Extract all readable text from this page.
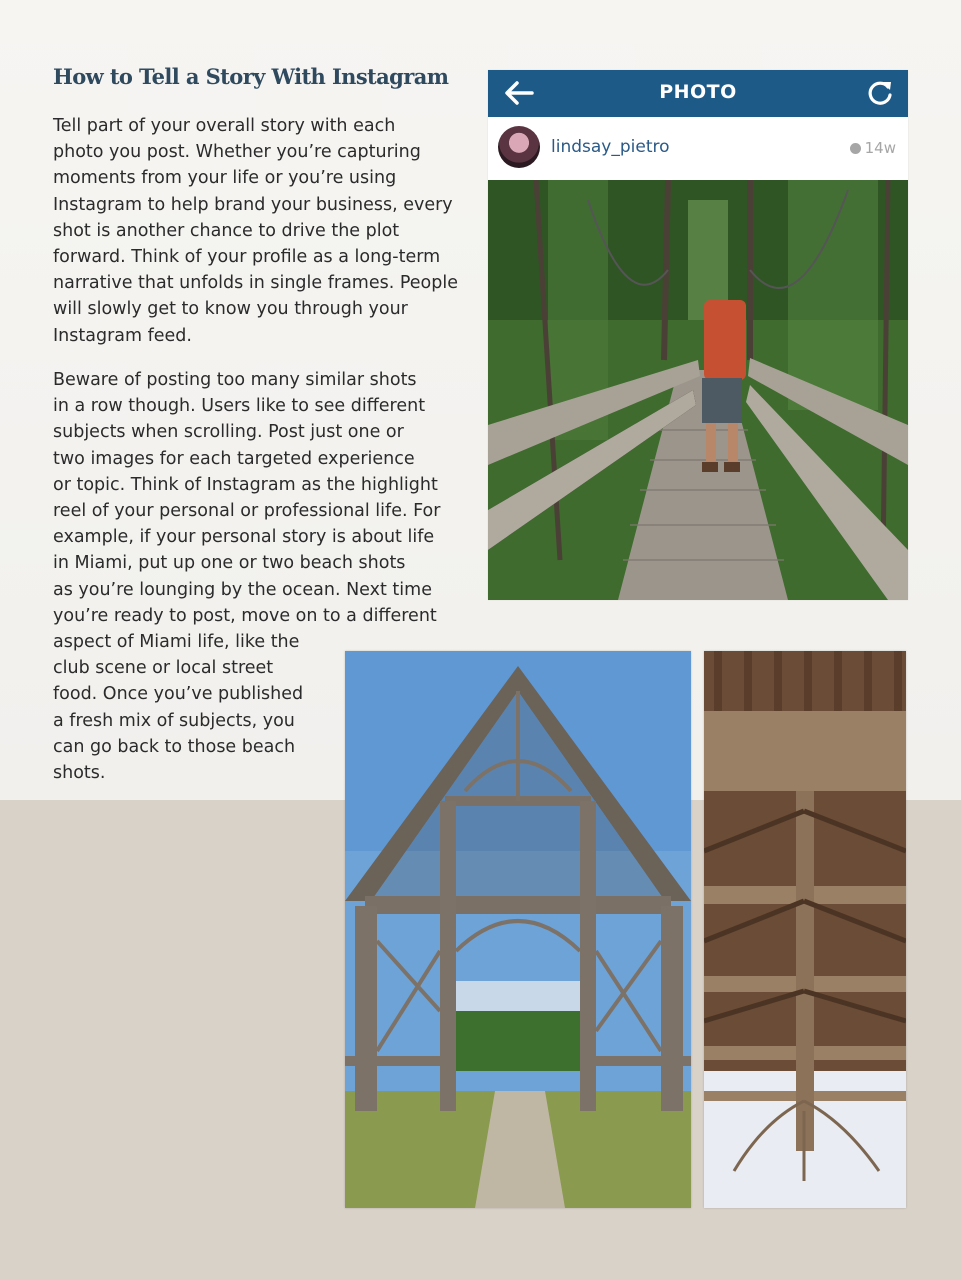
How to Tell a Story With Instagram

Tell part of your overall story with each
photo you post. Whether you’re capturing
moments from your life or you’re using
Instagram to help brand your business, every
shot is another chance to drive the plot
forward. Think of your profile as a long-term
narrative that unfolds in single frames. People
will slowly get to know you through your
Instagram feed.

Beware of posting too many similar shots
in a row though. Users like to see different
subjects when scrolling. Post just one or
two images for each targeted experience
or topic. Think of Instagram as the highlight
reel of your personal or professional life. For
example, if your personal story is about life
in Miami, put up one or two beach shots
as you’re lounging by the ocean. Next time
you’re ready to post, move on to a different
aspect of Miami life, like the
club scene or local street
food. Once you’ve published
a fresh mix of subjects, you
can go back to those beach
shots.

PHOTO
lindsay_pietro	14w
